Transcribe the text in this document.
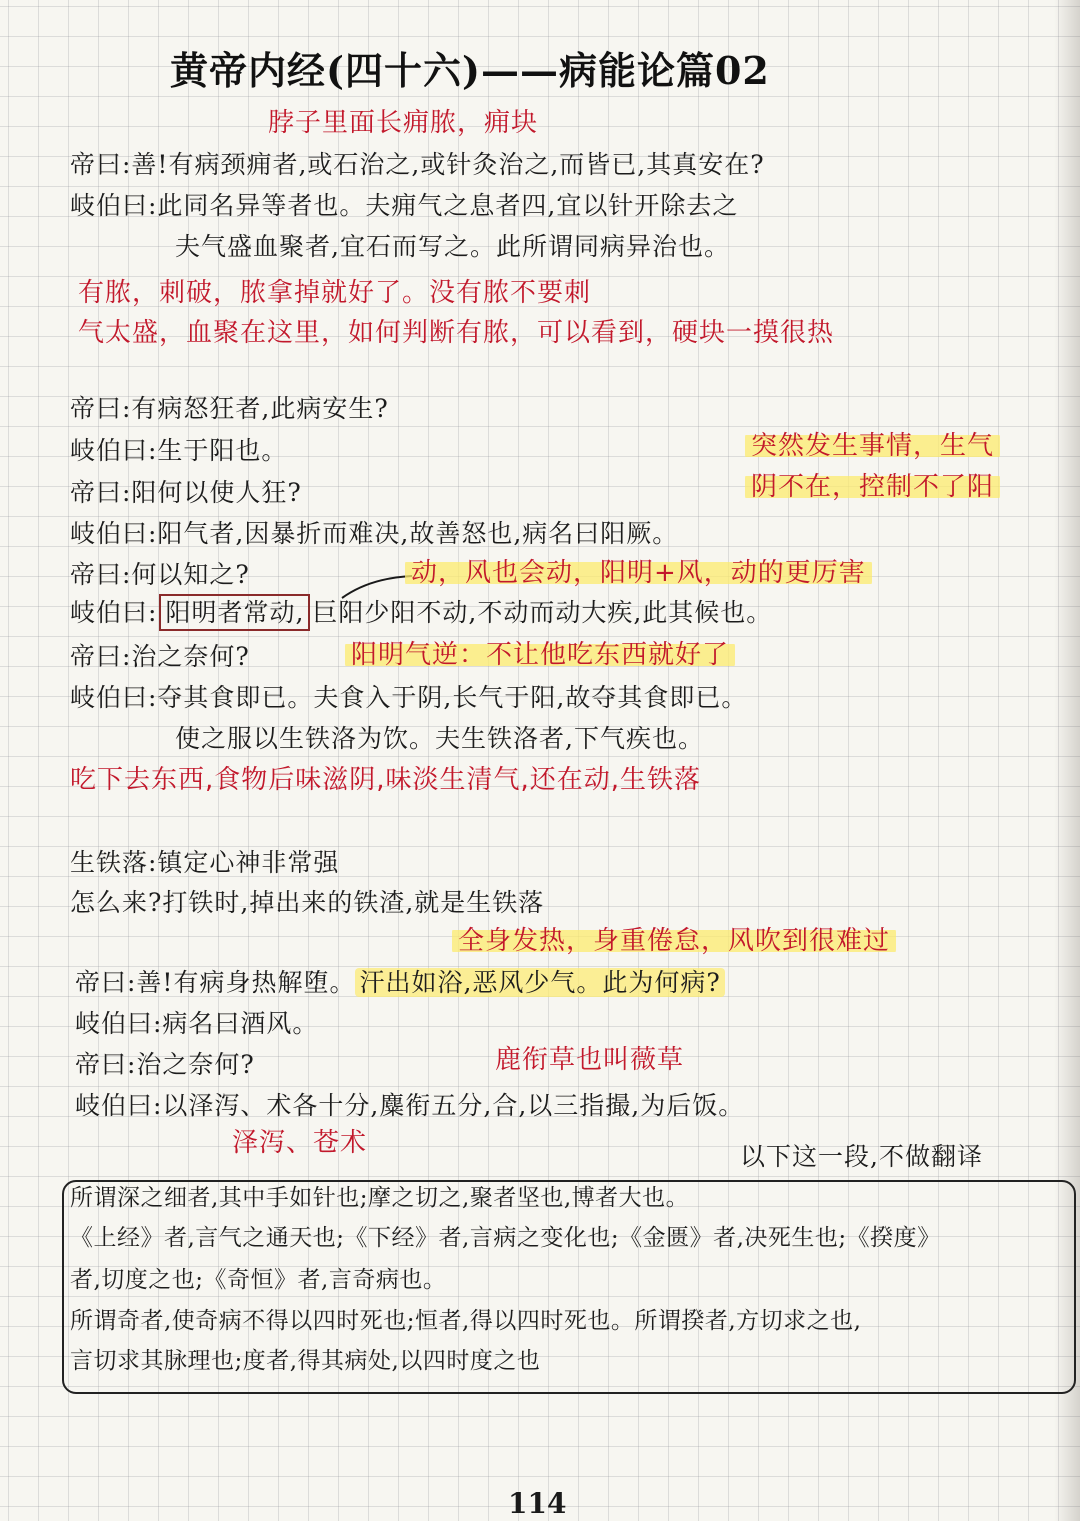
黄帝内经(四十六)——病能论篇02
脖子里面长痈脓，痈块
帝曰:善!有病颈痈者,或石治之,或针灸治之,而皆已,其真安在?
岐伯曰:此同名异等者也。夫痈气之息者四,宜以针开除去之
夫气盛血聚者,宜石而写之。此所谓同病异治也。
有脓，刺破，脓拿掉就好了。没有脓不要刺
气太盛，血聚在这里，如何判断有脓，可以看到，硬块一摸很热
帝曰:有病怒狂者,此病安生?
岐伯曰:生于阳也。	突然发生事情，生气
阴不在，控制不了阳
帝曰:阳何以使人狂?
岐伯曰:阳气者,因暴折而难决,故善怒也,病名曰阳厥。
帝曰:何以知之?	动，风也会动，阳明+风，动的更厉害
岐伯曰: 阳明者常动, 巨阳少阳不动,不动而动大疾,此其候也。
帝曰:治之奈何?	阳明气逆：不让他吃东西就好了
岐伯曰:夺其食即已。夫食入于阴,长气于阳,故夺其食即已。
使之服以生铁洛为饮。夫生铁洛者,下气疾也。
吃下去东西,食物后味滋阴,味淡生清气,还在动,生铁落
生铁落:镇定心神非常强
怎么来?打铁时,掉出来的铁渣,就是生铁落
全身发热，身重倦怠，风吹到很难过
帝曰:善!有病身热解堕。 汗出如浴,恶风少气。此为何病?
岐伯曰:病名曰酒风。
帝曰:治之奈何?	鹿衔草也叫薇草
岐伯曰:以泽泻、术各十分,麋衔五分,合,以三指撮,为后饭。
泽泻、苍术	以下这一段,不做翻译
所谓深之细者,其中手如针也;摩之切之,聚者坚也,博者大也。
《上经》者,言气之通天也;《下经》者,言病之变化也;《金匮》者,决死生也;《揆度》
者,切度之也;《奇恒》者,言奇病也。
所谓奇者,使奇病不得以四时死也;恒者,得以四时死也。所谓揆者,方切求之也,
言切求其脉理也;度者,得其病处,以四时度之也
114
